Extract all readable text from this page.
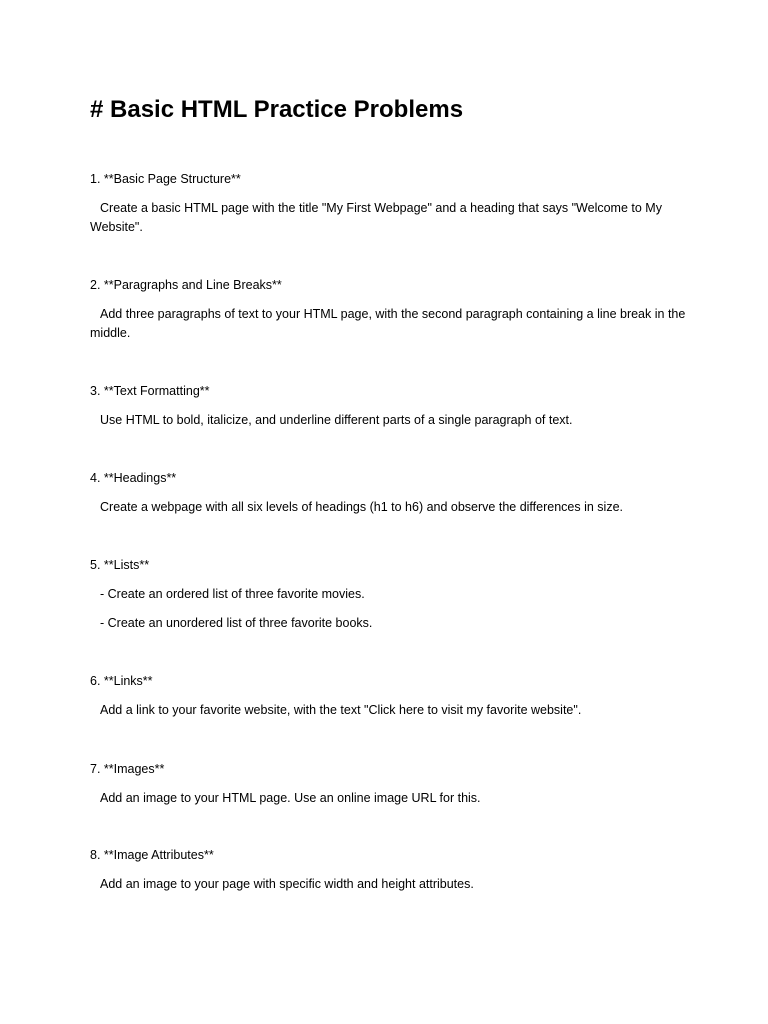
# Basic HTML Practice Problems

1. **Basic Page Structure**

Create a basic HTML page with the title "My First Webpage" and a heading that says "Welcome to My Website".

2. **Paragraphs and Line Breaks**

Add three paragraphs of text to your HTML page, with the second paragraph containing a line break in the middle.

3. **Text Formatting**

Use HTML to bold, italicize, and underline different parts of a single paragraph of text.

4. **Headings**

Create a webpage with all six levels of headings (h1 to h6) and observe the differences in size.

5. **Lists**

- Create an ordered list of three favorite movies.

- Create an unordered list of three favorite books.

6. **Links**

Add a link to your favorite website, with the text "Click here to visit my favorite website".

7. **Images**

Add an image to your HTML page. Use an online image URL for this.

8. **Image Attributes**

Add an image to your page with specific width and height attributes.
